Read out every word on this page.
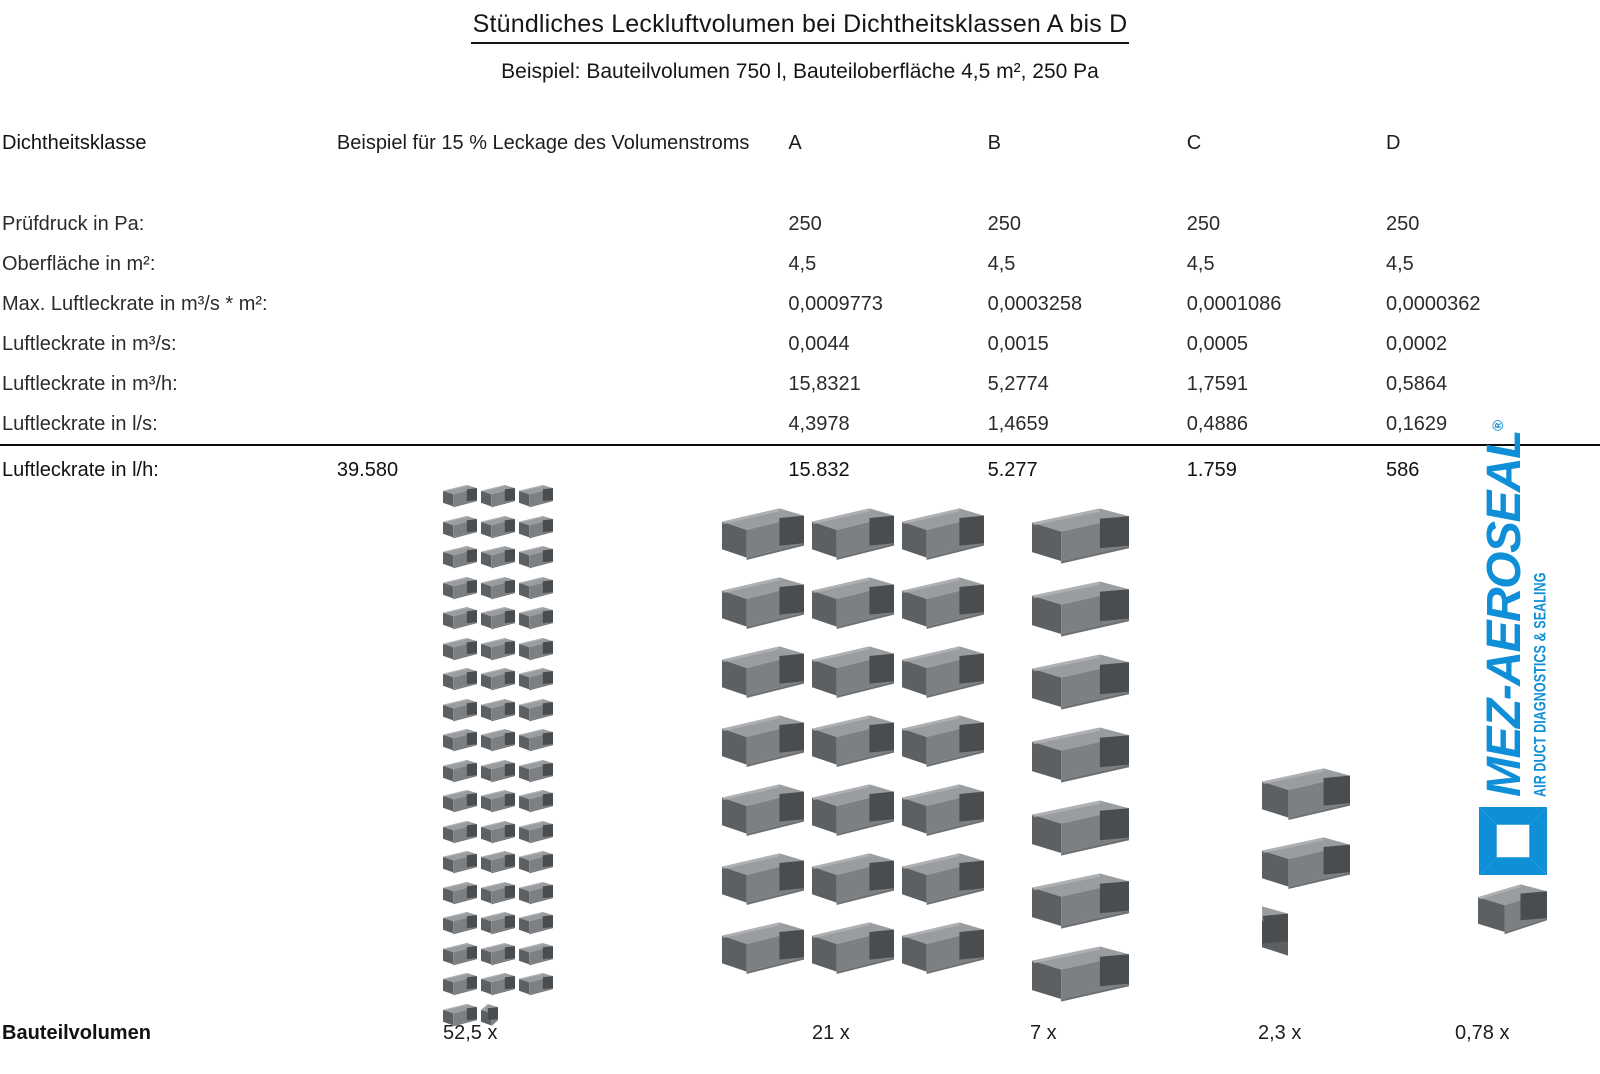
Stündliches Leckluftvolumen bei Dichtheitsklassen A bis D
Beispiel: Bauteilvolumen 750 l, Bauteiloberfläche 4,5 m², 250 Pa
Dichtheitsklasse	Beispiel für 15 % Leckage des Volumenstroms	A	B	C	D

Prüfdruck in Pa:		250	250	250	250
Oberfläche in m²:		4,5	4,5	4,5	4,5
Max. Luftleckrate in m³/s * m²:		0,0009773	0,0003258	0,0001086	0,0000362
Luftleckrate in m³/s:		0,0044	0,0015	0,0005	0,0002
Luftleckrate in m³/h:		15,8321	5,2774	1,7591	0,5864
Luftleckrate in l/s:		4,3978	1,4659	0,4886	0,1629
Luftleckrate in l/h:	39.580	15.832	5.277	1.759	586 MEZ-AEROSEAL®
AIR DUCT DIAGNOSTICS & SEALING
Bauteilvolumen	52,5 x	21 x	7 x	2,3 x	0,78 x
